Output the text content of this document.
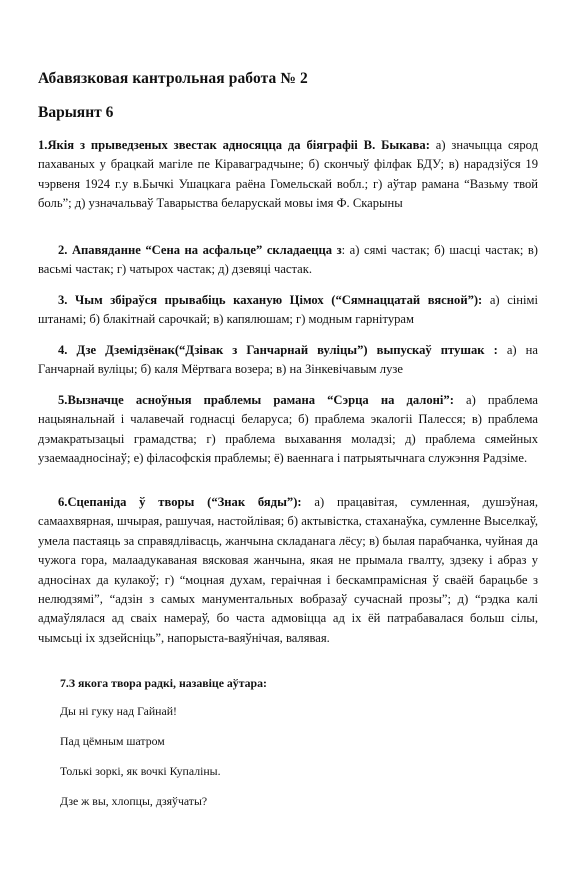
Абавязковая кантрольная работа № 2
Варыянт 6
1.Якія з прыведзеных звестак адносяцца да біяграфіі В. Быкава: а) значыцца сярод пахаваных у брацкай магіле пе Кіраваградчыне; б) скончыў філфак БДУ; в) нарадзіўся 19 чэрвеня 1924 г.у в.Бычкі Ушацкага раёна Гомельскай вобл.; г) аўтар рамана “Вазьму твой боль”; д) узначальваў Таварыства беларускай мовы імя Ф. Скарыны
2. Апавяданне “Сена на асфальце” складаецца з: а) сямі частак; б) шасці частак; в) васьмі частак; г) чатырох частак; д) дзевяці частак.
3. Чым збіраўся прывабіць каханую Цімох (“Сямнаццатай вясной”): а) сінімі штанамі; б) блакітнай сарочкай; в) капялюшам; г) модным гарнітурам
4. Дзе Дземідзёнак(“Дзівак з Ганчарнай вуліцы”) выпускаў птушак : а) на Ганчарнай вуліцы; б) каля Мёртвага возера; в) на Зінкевічавым лузе
5.Вызначце асноўныя праблемы рамана “Сэрца на далоні”: а) праблема нацыянальнай і чалавечай годнасці беларуса; б) праблема экалогіі Палесся; в) праблема дэмакратызацыі грамадства; г) праблема выхавання моладзі; д) праблема сямейных узаемаадносінаў; е) філасофскія праблемы; ё) ваеннага і патрыятычнага служэння Радзіме.
6.Сцепаніда ў творы (“Знак бяды”): а) працавітая, сумленная, душэўная, самаахвярная, шчырая, рашучая, настойлівая; б) актывістка, стаханаўка, сумленне Выселкаў, умела пастаяць за справядлівасць, жанчына складанага лёсу; в) былая парабчанка, чуйная да чужога гора, малаадукаваная вясковая жанчына, якая не прымала гвалту, здзеку і абраз у адносінах да кулакоў; г) “моцная духам, гераічная і бескампрамісная ў сваёй барацьбе з нелюдзямі”, “адзін з самых манументальных вобразаў сучаснай прозы”; д) “рэдка калі адмаўлялася ад сваіх намераў, бо часта адмовіцца ад іх ёй патрабавалася больш сілы, чымсьці іх здзейсніць”, напорыста-ваяўнічая, валявая.
7.З якога твора радкі, назавіце аўтара:
Ды ні гуку над Гайнай!
Пад цёмным шатром
Толькі зоркі, як вочкі Купаліны.
Дзе ж вы, хлопцы, дзяўчаты?
